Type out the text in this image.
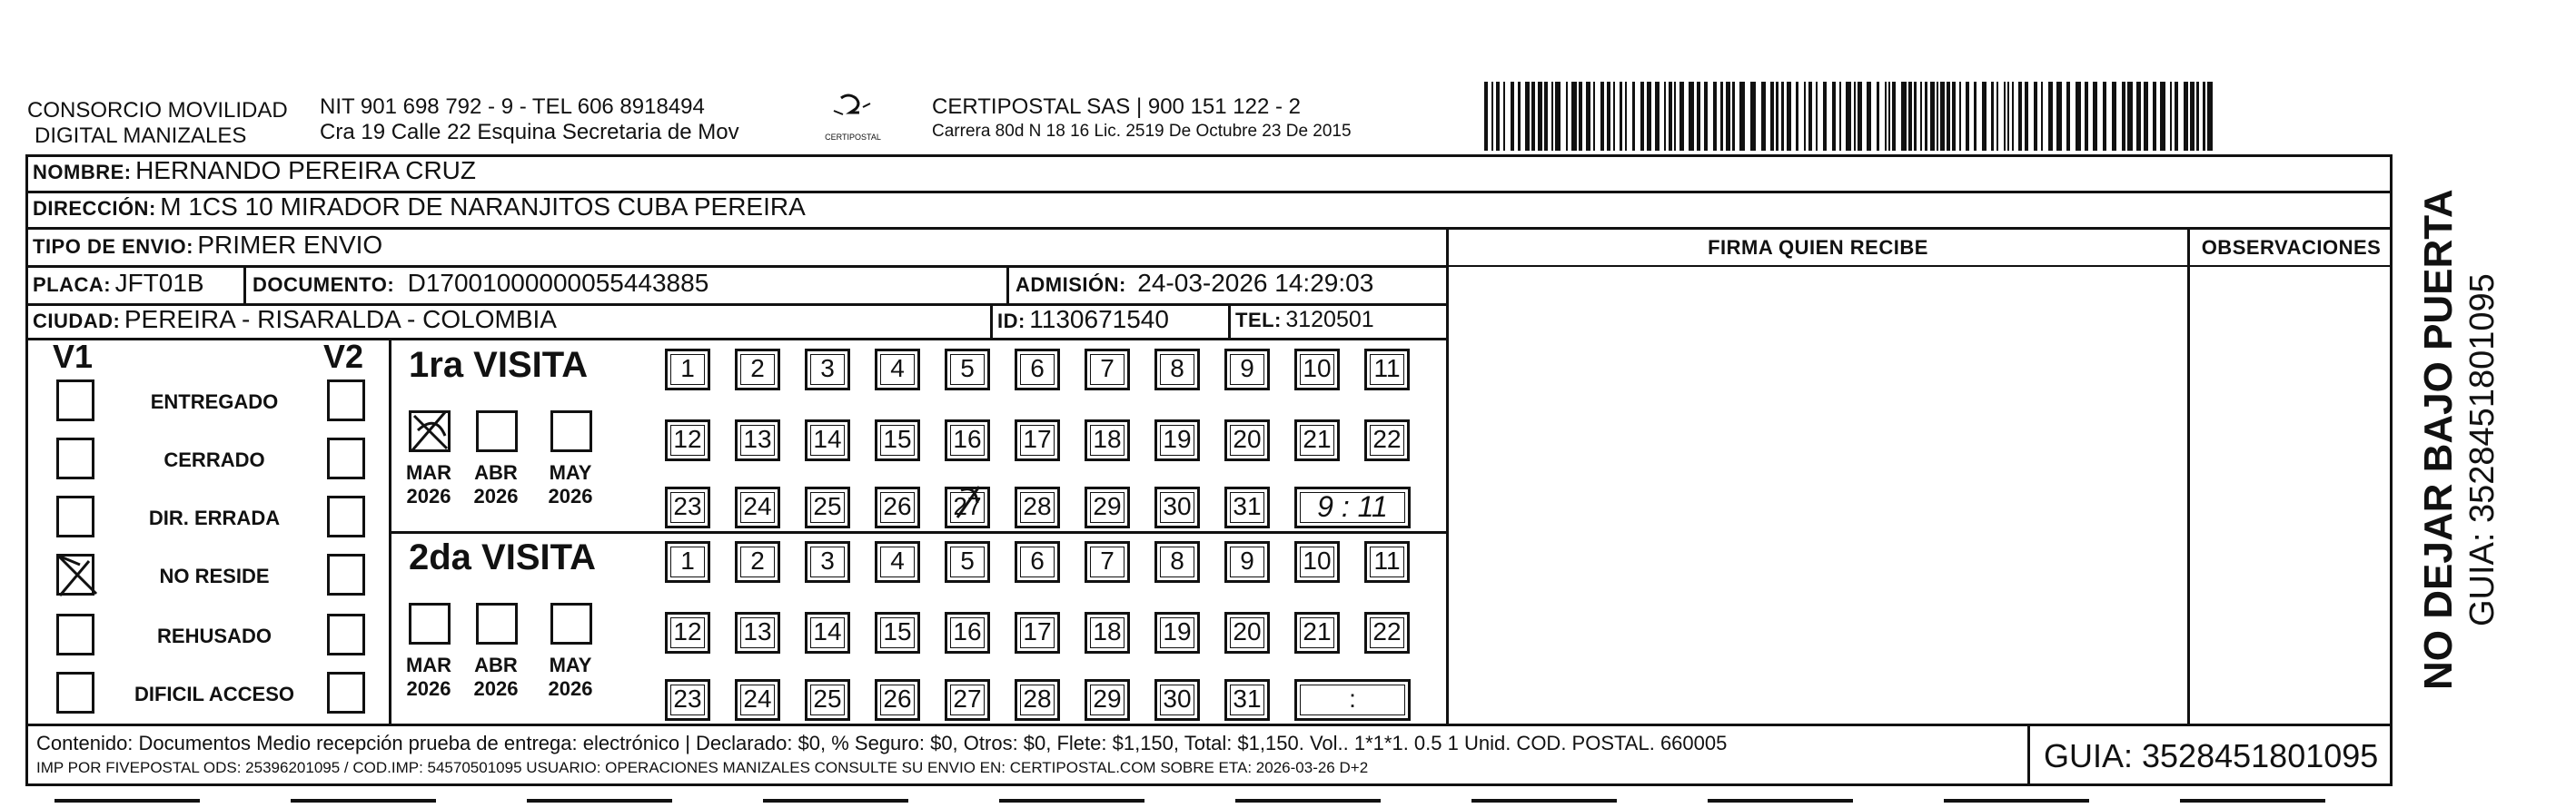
CONSORCIO MOVILIDAD
DIGITAL MANIZALES
NIT 901 698 792 - 9 - TEL 606 8918494
Cra 19 Calle 22 Esquina Secretaria de Mov	CERTIPOSTAL
CERTIPOSTAL SAS | 900 151 122 - 2
Carrera 80d N 18 16 Lic. 2519 De Octubre 23 De 2015
NOMBRE: HERNANDO PEREIRA CRUZ
DIRECCIÓN: M 1CS 10 MIRADOR DE NARANJITOS CUBA PEREIRA
TIPO DE ENVIO: PRIMER ENVIO	FIRMA QUIEN RECIBE	OBSERVACIONES
PLACA: JFT01B DOCUMENTO: D17001000000055443885	ADMISIÓN: 24-03-2026 14:29:03
CIUDAD: PEREIRA - RISARALDA - COLOMBIA	ID: 1130671540	TEL: 3120501
V1	V2
ENTREGADO
CERRADO
DIR. ERRADA
NO RESIDE
REHUSADO
DIFICIL ACCESO
1ra VISITA
2da VISITA
MAR
2026
ABR
2026
MAY
2026
1	2	3	4	5	6	7	8	9	10	11
12	13	14	15	16	17	18	19	20	21	22
23	24	25	26	27	28	29	30	31	9 : 11
MAR
2026
ABR
2026
MAY
2026
1	2	3	4	5	6	7	8	9	10	11
12	13	14	15	16	17	18	19	20	21	22
23	24	25	26	27	28	29	30	31	:
Contenido: Documentos Medio recepción prueba de entrega: electrónico | Declarado: $0, % Seguro: $0, Otros: $0, Flete: $1,150, Total: $1,150. Vol.. 1*1*1. 0.5 1 Unid. COD. POSTAL. 660005
IMP POR FIVEPOSTAL ODS: 25396201095 / COD.IMP: 54570501095 USUARIO: OPERACIONES MANIZALES CONSULTE SU ENVIO EN: CERTIPOSTAL.COM SOBRE ETA: 2026-03-26 D+2	GUIA: 3528451801095
NO DEJAR BAJO PUERTA GUIA: 3528451801095
